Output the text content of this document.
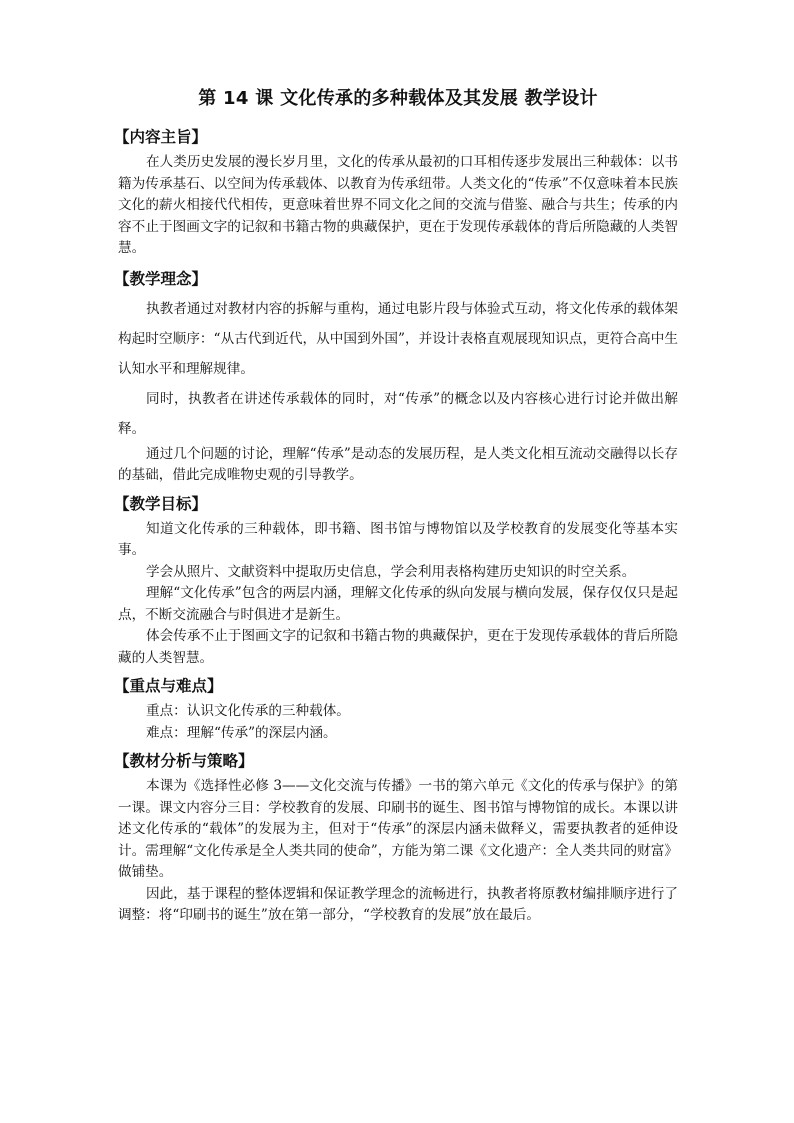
第 14 课 文化传承的多种载体及其发展 教学设计
【内容主旨】

在人类历史发展的漫长岁月里，文化的传承从最初的口耳相传逐步发展出三种载体：以书籍为传承基石、以空间为传承载体、以教育为传承纽带。人类文化的“传承”不仅意味着本民族文化的薪火相接代代相传，更意味着世界不同文化之间的交流与借鉴、融合与共生；传承的内容不止于图画文字的记叙和书籍古物的典藏保护，更在于发现传承载体的背后所隐藏的人类智慧。

【教学理念】

执教者通过对教材内容的拆解与重构，通过电影片段与体验式互动，将文化传承的载体架构起时空顺序：“从古代到近代，从中国到外国”，并设计表格直观展现知识点，更符合高中生认知水平和理解规律。

同时，执教者在讲述传承载体的同时，对“传承”的概念以及内容核心进行讨论并做出解释。

通过几个问题的讨论，理解“传承”是动态的发展历程，是人类文化相互流动交融得以长存的基础，借此完成唯物史观的引导教学。

【教学目标】

知道文化传承的三种载体，即书籍、图书馆与博物馆以及学校教育的发展变化等基本实事。

学会从照片、文献资料中提取历史信息，学会利用表格构建历史知识的时空关系。

理解“文化传承”包含的两层内涵，理解文化传承的纵向发展与横向发展，保存仅仅只是起点，不断交流融合与时俱进才是新生。

体会传承不止于图画文字的记叙和书籍古物的典藏保护，更在于发现传承载体的背后所隐藏的人类智慧。

【重点与难点】

重点：认识文化传承的三种载体。

难点：理解“传承”的深层内涵。

【教材分析与策略】

本课为《选择性必修 3——文化交流与传播》一书的第六单元《文化的传承与保护》的第一课。课文内容分三目：学校教育的发展、印刷书的诞生、图书馆与博物馆的成长。本课以讲述文化传承的“载体”的发展为主，但对于“传承”的深层内涵未做释义，需要执教者的延伸设计。需理解“文化传承是全人类共同的使命”，方能为第二课《文化遗产：全人类共同的财富》做铺垫。

因此，基于课程的整体逻辑和保证教学理念的流畅进行，执教者将原教材编排顺序进行了调整：将“印刷书的诞生”放在第一部分，“学校教育的发展”放在最后。
